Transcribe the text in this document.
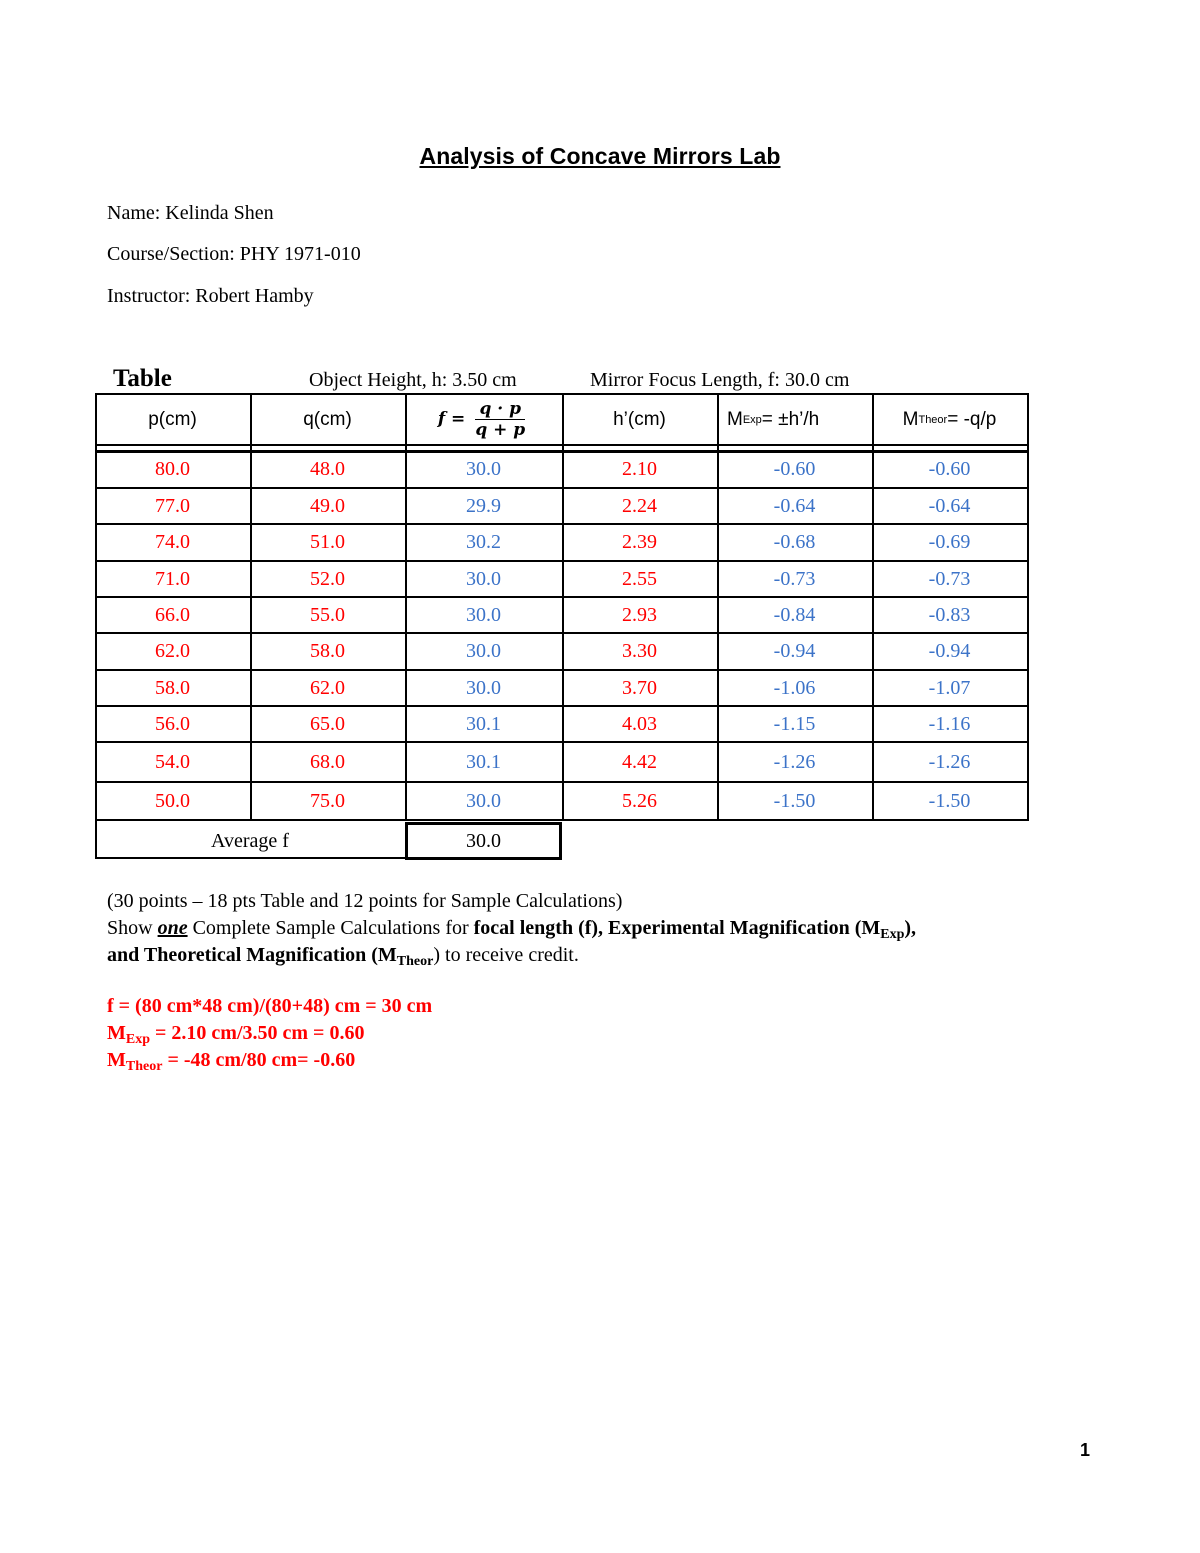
Analysis of Concave Mirrors Lab
Name: Kelinda Shen
Course/Section: PHY 1971-010
Instructor: Robert Hamby
Table	Object Height, h: 3.50 cm	Mirror Focus Length, f: 30.0 cm
p(cm)	q(cm)	$f = \frac{q \cdot p}{q + p}$	h’(cm)	M Exp = ±h’/h	M Theor = -q/p
80.0	48.0	30.0	2.10	-0.60	-0.60
77.0	49.0	29.9	2.24	-0.64	-0.64
74.0	51.0	30.2	2.39	-0.68	-0.69
71.0	52.0	30.0	2.55	-0.73	-0.73
66.0	55.0	30.0	2.93	-0.84	-0.83
62.0	58.0	30.0	3.30	-0.94	-0.94
58.0	62.0	30.0	3.70	-1.06	-1.07
56.0	65.0	30.1	4.03	-1.15	-1.16
54.0	68.0	30.1	4.42	-1.26	-1.26
50.0	75.0	30.0	5.26	-1.50	-1.50
Average f	30.0
(30 points – 18 pts Table and 12 points for Sample Calculations)
Show one Complete Sample Calculations for focal length (f), Experimental Magnification $(M_{Exp})$,
and Theoretical Magnification $(M_{Theor})$ to receive credit.
f = (80 cm*48 cm)/(80+48) cm = 30 cm
$M_{Exp} = 2.10$ cm/3.50 cm = 0.60
$M_{Theor} = -48$ cm/80 cm= -0.60
1
